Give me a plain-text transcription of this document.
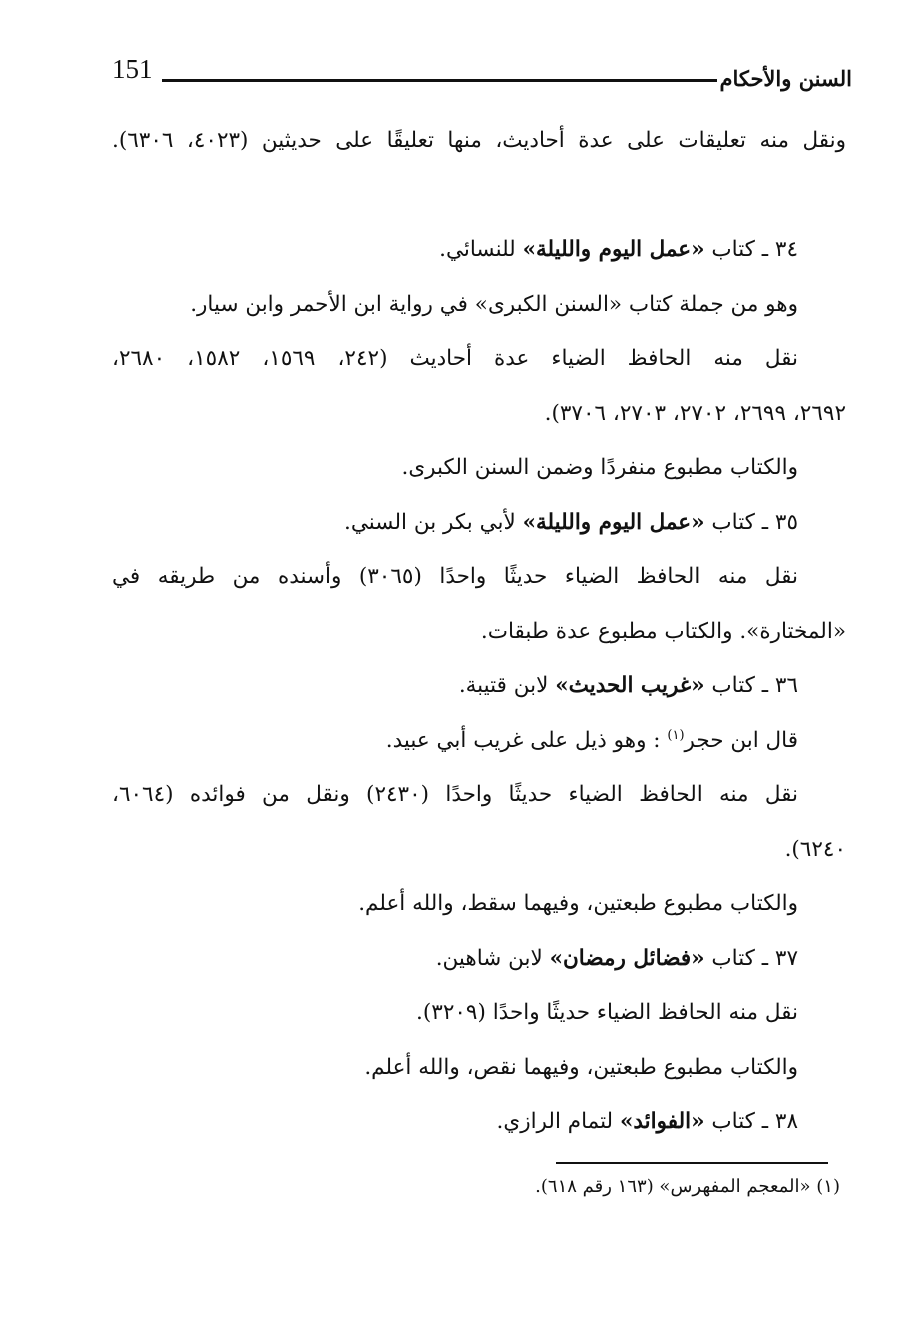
151	السنن والأحكام
ونقل منه تعليقات على عدة أحاديث، منها تعليقًا على حديثين (٤٠٢٣، ٦٣٠٦).
٣٤ ـ كتاب «عمل اليوم والليلة» للنسائي.
وهو من جملة كتاب «السنن الكبرى» في رواية ابن الأحمر وابن سيار.
نقل منه الحافظ الضياء عدة أحاديث (٢٤٢، ١٥٦٩، ١٥٨٢، ٢٦٨٠،
٢٦٩٢، ٢٦٩٩، ٢٧٠٢، ٢٧٠٣، ٣٧٠٦).
والكتاب مطبوع منفردًا وضمن السنن الكبرى.
٣٥ ـ كتاب «عمل اليوم والليلة» لأبي بكر بن السني.
نقل منه الحافظ الضياء حديثًا واحدًا (٣٠٦٥) وأسنده من طريقه في
«المختارة». والكتاب مطبوع عدة طبقات.
٣٦ ـ كتاب «غريب الحديث» لابن قتيبة.
قال ابن حجر$^{(١)}$ : وهو ذيل على غريب أبي عبيد.
نقل منه الحافظ الضياء حديثًا واحدًا (٢٤٣٠) ونقل من فوائده (٦٠٦٤،
٦٢٤٠).
والكتاب مطبوع طبعتين، وفيهما سقط، والله أعلم.
٣٧ ـ كتاب «فضائل رمضان» لابن شاهين.
نقل منه الحافظ الضياء حديثًا واحدًا (٣٢٠٩).
والكتاب مطبوع طبعتين، وفيهما نقص، والله أعلم.
٣٨ ـ كتاب «الفوائد» لتمام الرازي.
(١) «المعجم المفهرس» (١٦٣ رقم ٦١٨).
